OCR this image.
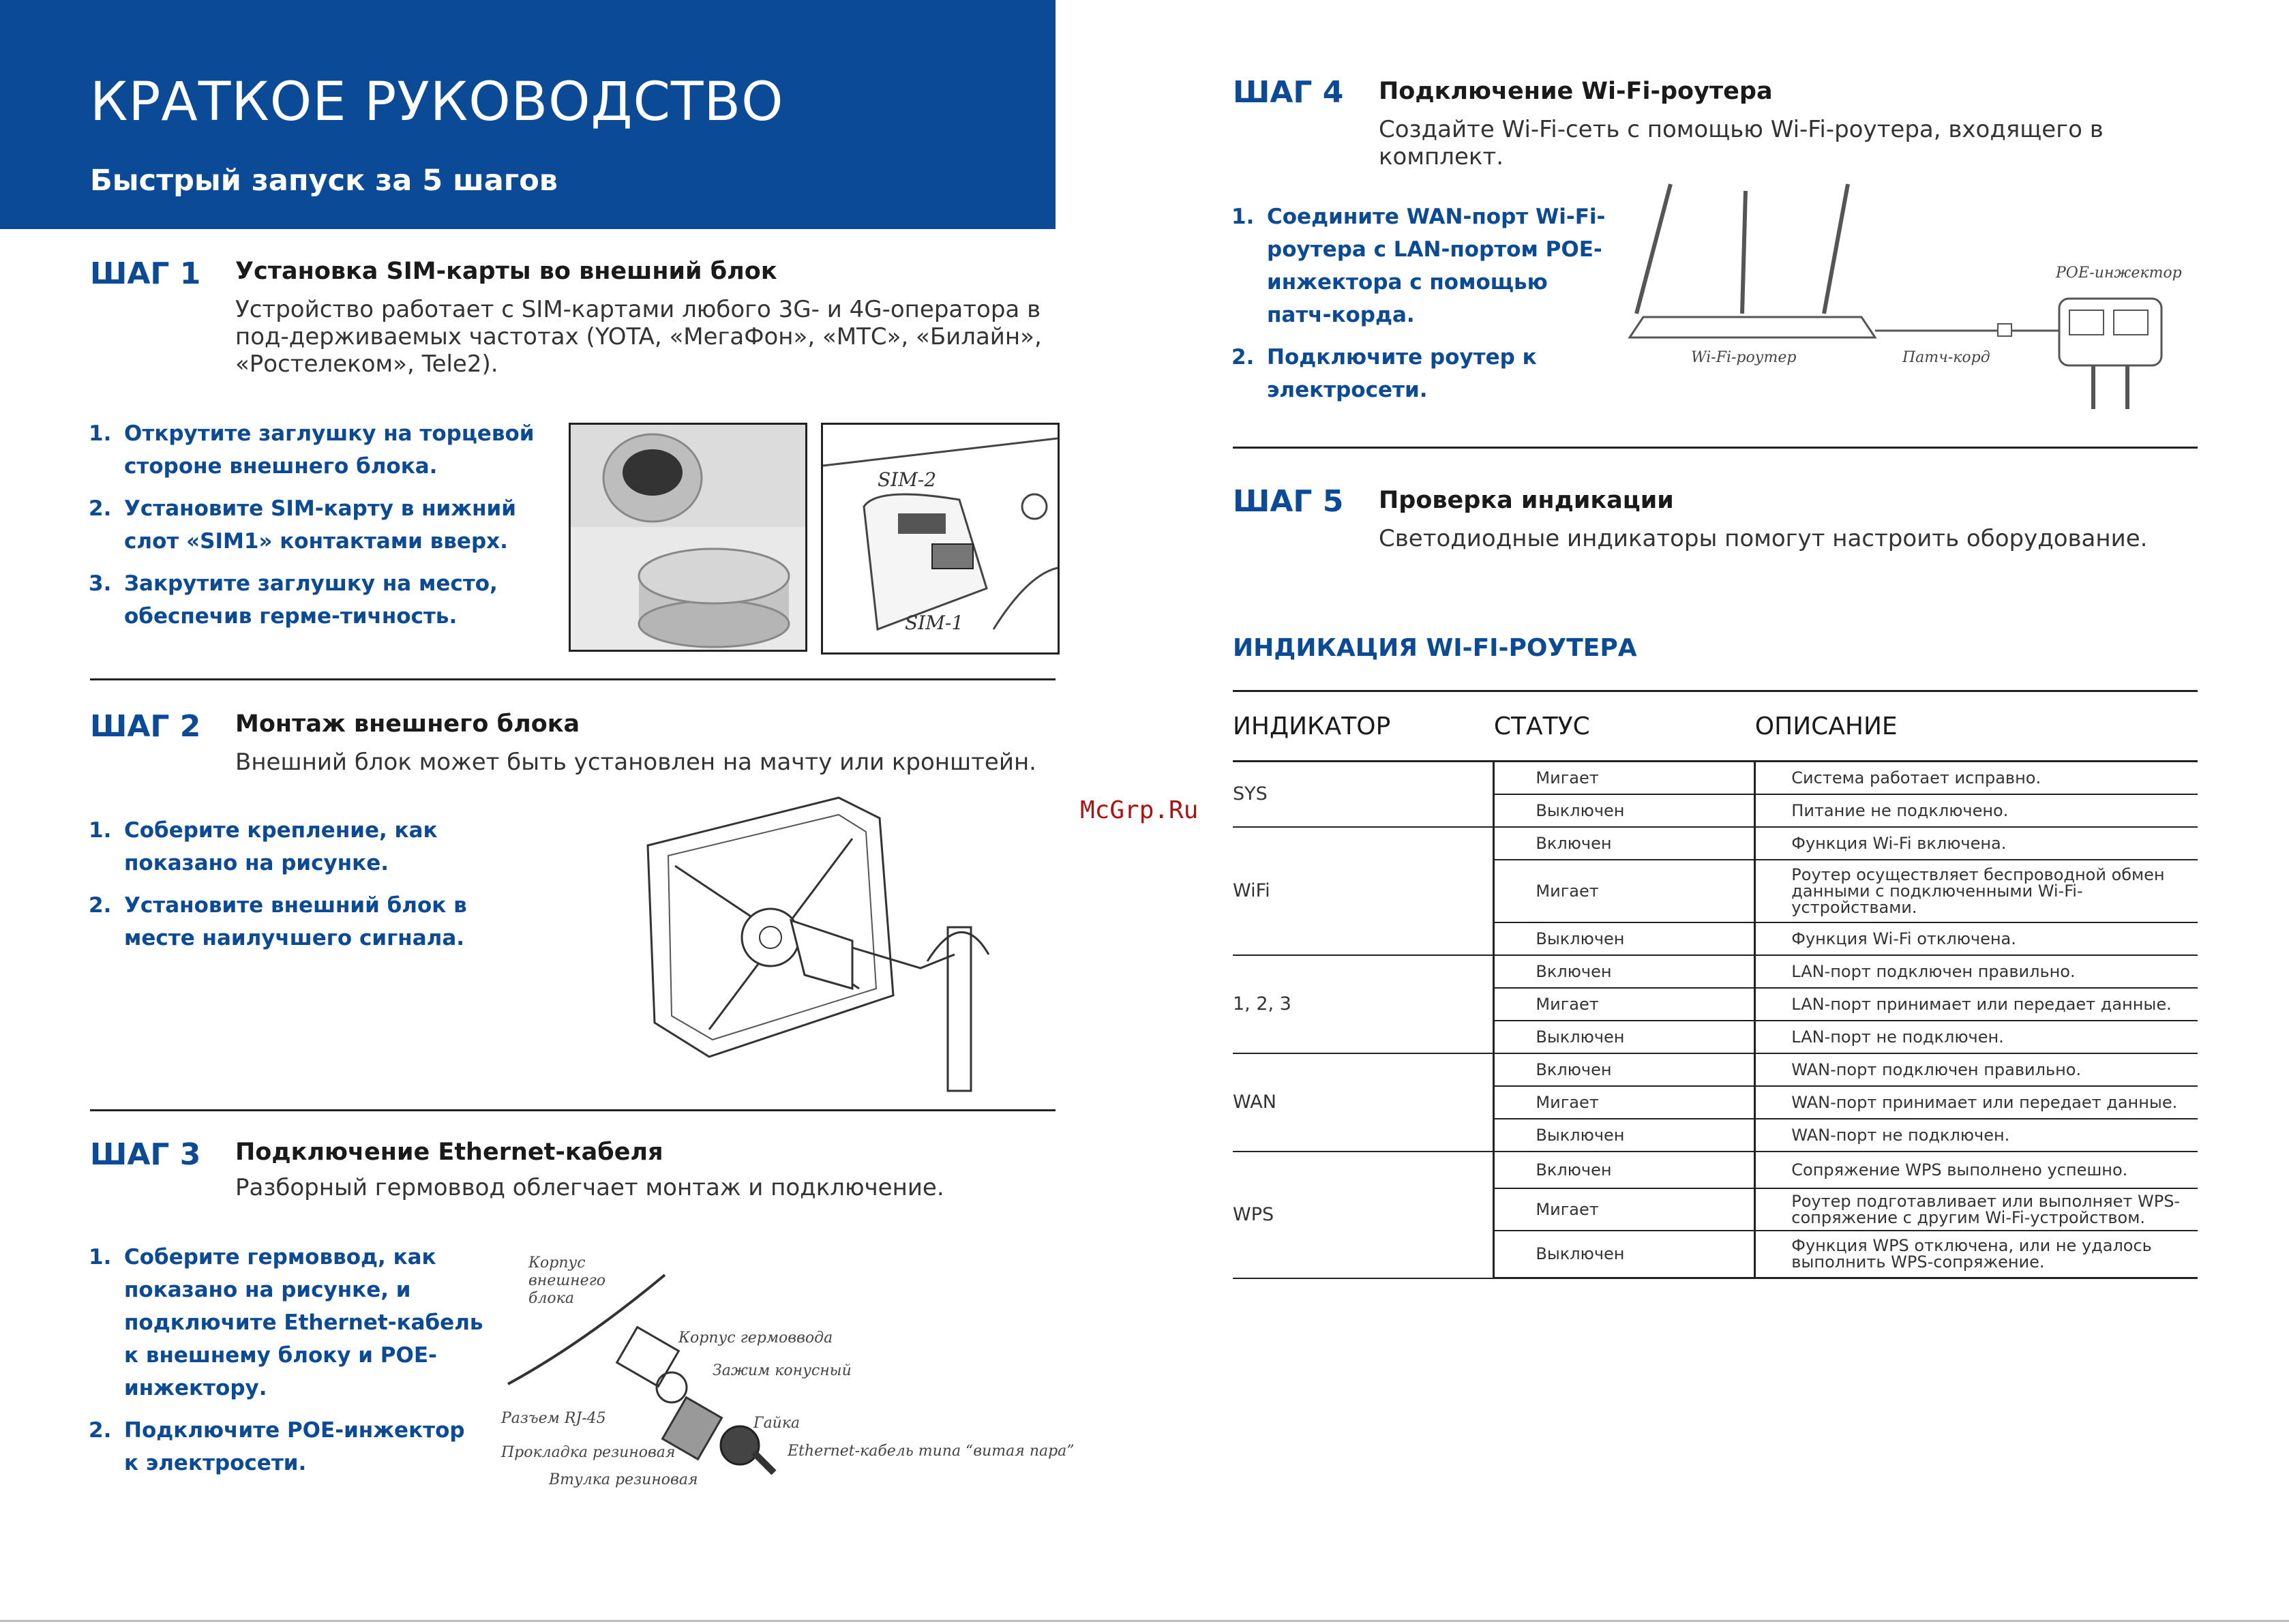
КРАТКОЕ РУКОВОДСТВО
Быстрый запуск за 5 шагов
ШАГ 1 Установка SIM-карты во внешний блок
Устройство работает с SIM-картами любого 3G- и 4G-оператора в под-держиваемых частотах (YOTA, «МегаФон», «МТС», «Билайн», «Ростелеком», Tele2).
1. Открутите заглушку на торцевой стороне внешнего блока.
2. Установите SIM-карту в нижний слот «SIM1» контактами вверх.
3. Закрутите заглушку на место, обеспечив герме-тичность.
SIM-2
SIM-1
ШАГ 2 Монтаж внешнего блока
Внешний блок может быть установлен на мачту или кронштейн.
1. Соберите крепление, как показано на рисунке.
2. Установите внешний блок в месте наилучшего сигнала.
ШАГ 3 Подключение Ethernet-кабеля
Разборный гермоввод облегчает монтаж и подключение.
1. Соберите гермоввод, как показано на рисунке, и подключите Ethernet-кабель к внешнему блоку и POE-инжектору.
2. Подключите POE-инжектор к электросети.
Корпус внешнего блока
Корпус гермоввода
Зажим конусный
Гайка
Разъем RJ-45
Ethernet-кабель типа “витая пара”
Прокладка резиновая
Втулка резиновая
ШАГ 4 Подключение Wi-Fi-роутера
Создайте Wi-Fi-сеть с помощью Wi-Fi-роутера, входящего в комплект.
1. Соедините WAN-порт Wi-Fi-роутера с LAN-портом POE-инжектора с помощью патч-корда.
2. Подключите роутер к электросети.
Wi-Fi-роутер	Патч-корд
POE-инжектор
ШАГ 5 Проверка индикации
Светодиодные индикаторы помогут настроить оборудование.
McGrp.Ru
ИНДИКАЦИЯ WI-FI-РОУТЕРА
ИНДИКАТОР	СТАТУС	ОПИСАНИЕ
SYS	Мигает	Система работает исправно.
	Выключен	Питание не подключено.
WiFi	Включен	Функция Wi-Fi включена.
	Мигает	Роутер осуществляет беспроводной обмен данными с подключенными Wi-Fi-устройствами.
	Выключен	Функция Wi-Fi отключена.
1, 2, 3	Включен	LAN-порт подключен правильно.
	Мигает	LAN-порт принимает или передает данные.
	Выключен	LAN-порт не подключен.
WAN	Включен	WAN-порт подключен правильно.
	Мигает	WAN-порт принимает или передает данные.
	Выключен	WAN-порт не подключен.
WPS	Включен	Сопряжение WPS выполнено успешно.
	Мигает	Роутер подготавливает или выполняет WPS-сопряжение с другим Wi-Fi-устройством.
	Выключен	Функция WPS отключена, или не удалось выполнить WPS-сопряжение.
